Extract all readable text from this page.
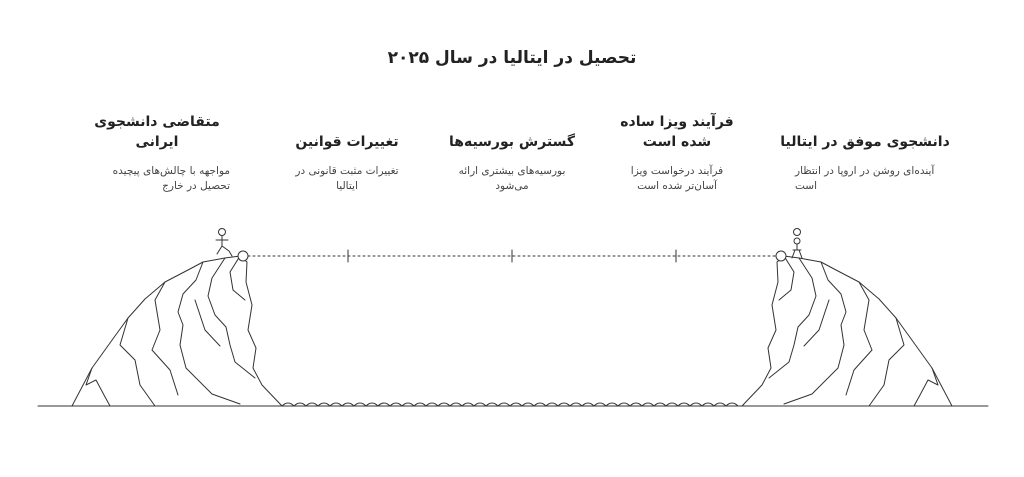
تحصیل در ایتالیا در سال ۲۰۲۵
متقاضی دانشجوی ایرانی
مواجهه با چالش‌های پیچیده تحصیل در خارج
تغییرات قوانین
تغییرات مثبت قانونی در ایتالیا
گسترش بورسیه‌ها
بورسیه‌های بیشتری ارائه می‌شود
فرآیند ویزا ساده شده است
فرآیند درخواست ویزا آسان‌تر شده است
دانشجوی موفق در ایتالیا
آینده‌ای روشن در اروپا در انتظار است
